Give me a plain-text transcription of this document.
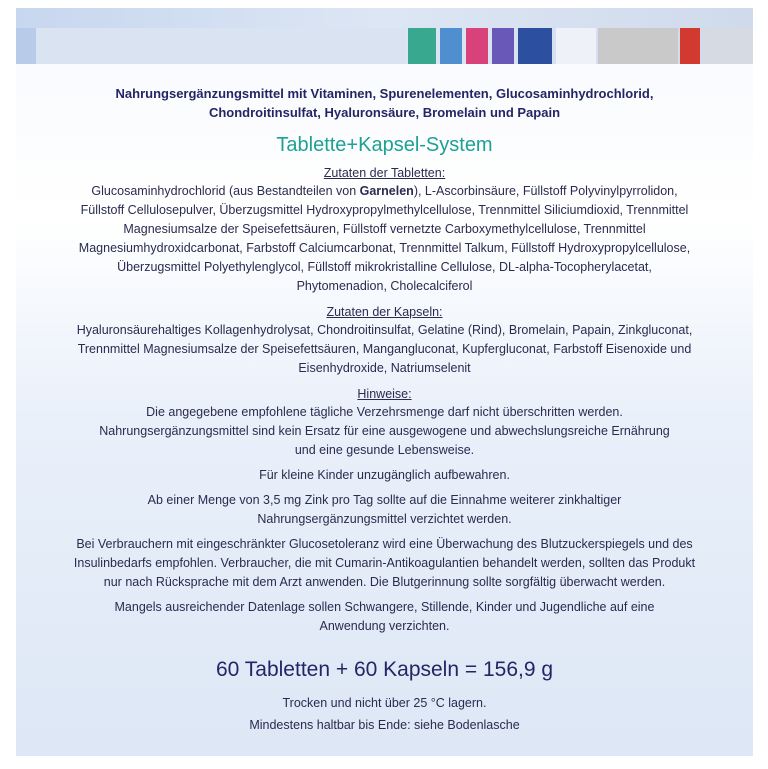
Nahrungsergänzungsmittel mit Vitaminen, Spurenelementen, Glucosaminhydrochlorid,
Chondroitinsulfat, Hyaluronsäure, Bromelain und Papain
Tablette+Kapsel-System
Zutaten der Tabletten:
Glucosaminhydrochlorid (aus Bestandteilen von Garnelen), L-Ascorbinsäure, Füllstoff Polyvinylpyrrolidon,
Füllstoff Cellulosepulver, Überzugsmittel Hydroxypropylmethylcellulose, Trennmittel Siliciumdioxid, Trennmittel
Magnesiumsalze der Speisefettsäuren, Füllstoff vernetzte Carboxymethylcellulose, Trennmittel
Magnesiumhydroxidcarbonat, Farbstoff Calciumcarbonat, Trennmittel Talkum, Füllstoff Hydroxypropylcellulose,
Überzugsmittel Polyethylenglycol, Füllstoff mikrokristalline Cellulose, DL-alpha-Tocopherylacetat,
Phytomenadion, Cholecalciferol
Zutaten der Kapseln:
Hyaluronsäurehaltiges Kollagenhydrolysat, Chondroitinsulfat, Gelatine (Rind), Bromelain, Papain, Zinkgluconat,
Trennmittel Magnesiumsalze der Speisefettsäuren, Mangangluconat, Kupfergluconat, Farbstoff Eisenoxide und
Eisenhydroxide, Natriumselenit
Hinweise:
Die angegebene empfohlene tägliche Verzehrsmenge darf nicht überschritten werden.
Nahrungsergänzungsmittel sind kein Ersatz für eine ausgewogene und abwechslungsreiche Ernährung
und eine gesunde Lebensweise.
Für kleine Kinder unzugänglich aufbewahren.
Ab einer Menge von 3,5 mg Zink pro Tag sollte auf die Einnahme weiterer zinkhaltiger
Nahrungsergänzungsmittel verzichtet werden.
Bei Verbrauchern mit eingeschränkter Glucosetoleranz wird eine Überwachung des Blutzuckerspiegels und des
Insulinbedarfs empfohlen. Verbraucher, die mit Cumarin-Antikoagulantien behandelt werden, sollten das Produkt
nur nach Rücksprache mit dem Arzt anwenden. Die Blutgerinnung sollte sorgfältig überwacht werden.
Mangels ausreichender Datenlage sollen Schwangere, Stillende, Kinder und Jugendliche auf eine
Anwendung verzichten.
60 Tabletten + 60 Kapseln = 156,9 g
Trocken und nicht über 25 °C lagern.
Mindestens haltbar bis Ende: siehe Bodenlasche
